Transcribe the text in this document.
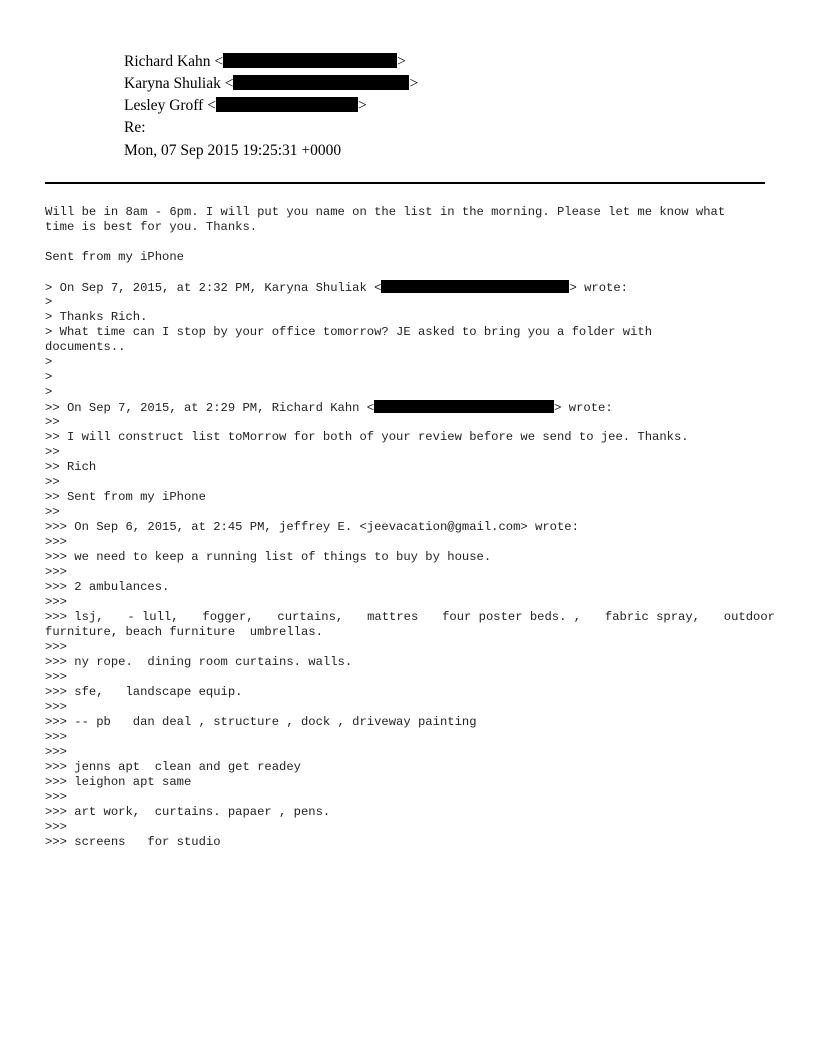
Richard Kahn <	>
Karyna Shuliak <	>
Lesley Groff <	>
Re:
Mon, 07 Sep 2015 19:25:31 +0000
Will be in 8am - 6pm. I will put you name on the list in the morning. Please let me know what
time is best for you. Thanks.
Sent from my iPhone
> On Sep 7, 2015, at 2:32 PM, Karyna Shuliak <	> wrote:
>
> Thanks Rich.
> What time can I stop by your office tomorrow? JE asked to bring you a folder with
documents..
>
>
>
>> On Sep 7, 2015, at 2:29 PM, Richard Kahn <	> wrote:
>>
>> I will construct list toMorrow for both of your review before we send to jee. Thanks.
>>
>> Rich
>>
>> Sent from my iPhone
>>
>>> On Sep 6, 2015, at 2:45 PM, jeffrey E. <jeevacation@gmail.com> wrote:
>>>
>>> we need to keep a running list of things to buy by house.
>>>
>>> 2 ambulances.
>>>
>>> lsj, - lull, fogger, curtains, mattres four poster beds. , fabric spray, outdoor
furniture, beach furniture  umbrellas.
>>>
>>> ny rope.  dining room curtains. walls.
>>>
>>> sfe,   landscape equip.
>>>
>>> -- pb   dan deal , structure , dock , driveway painting
>>>
>>>
>>> jenns apt  clean and get readey
>>> leighon apt same
>>>
>>> art work,  curtains. papaer , pens.
>>>
>>> screens   for studio
